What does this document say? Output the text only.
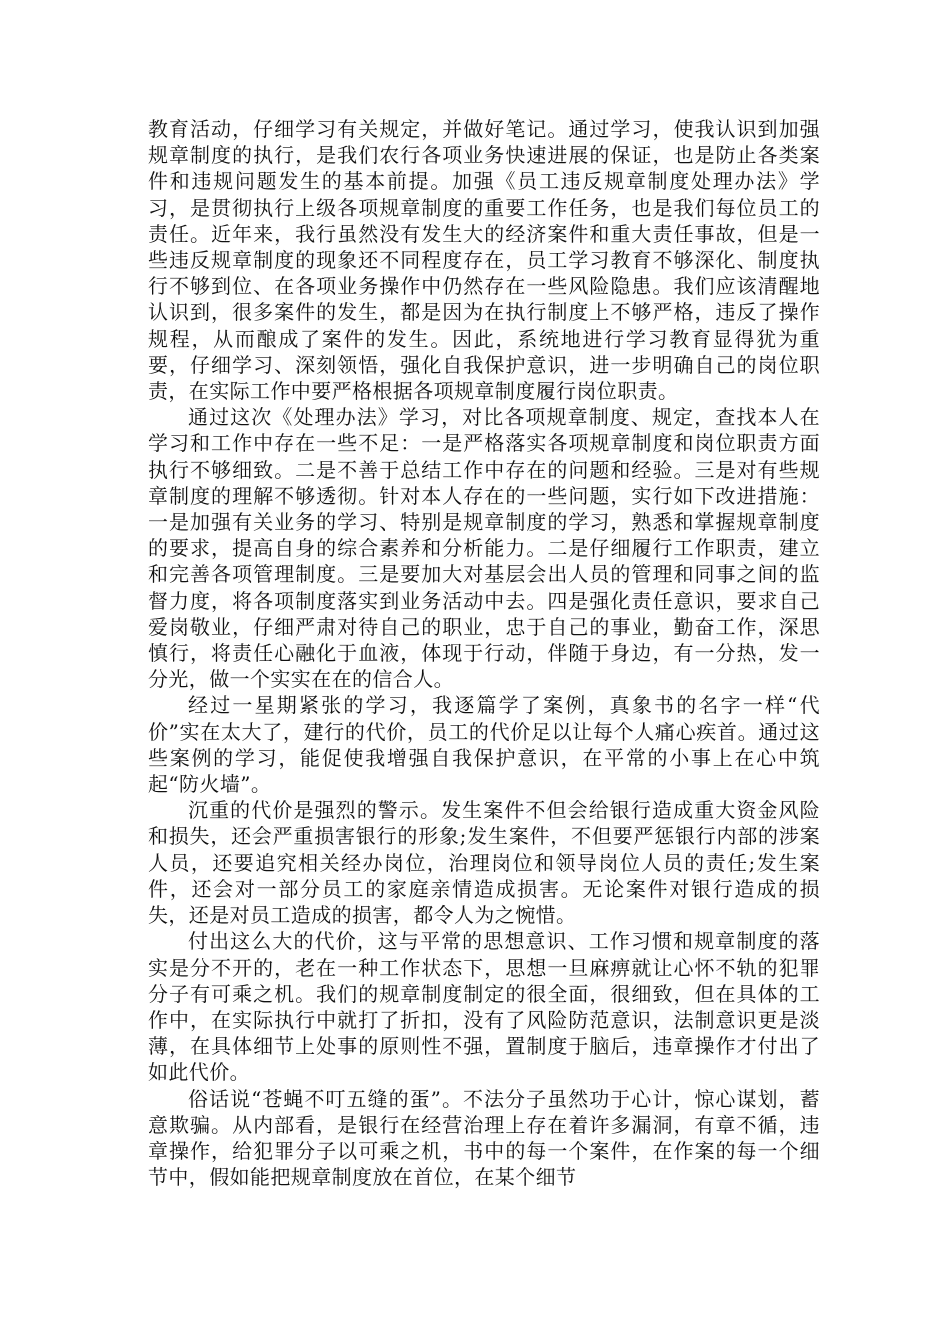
教育活动，仔细学习有关规定，并做好笔记。通过学习，使我认识到加强规章制度的执行，是我们农行各项业务快速进展的保证，也是防止各类案件和违规问题发生的基本前提。加强《员工违反规章制度处理办法》学习，是贯彻执行上级各项规章制度的重要工作任务，也是我们每位员工的责任。近年来，我行虽然没有发生大的经济案件和重大责任事故，但是一些违反规章制度的现象还不同程度存在，员工学习教育不够深化、制度执行不够到位、在各项业务操作中仍然存在一些风险隐患。我们应该清醒地认识到，很多案件的发生，都是因为在执行制度上不够严格，违反了操作规程，从而酿成了案件的发生。因此，系统地进行学习教育显得犹为重要，仔细学习、深刻领悟，强化自我保护意识，进一步明确自己的岗位职责，在实际工作中要严格根据各项规章制度履行岗位职责。

通过这次《处理办法》学习，对比各项规章制度、规定，查找本人在学习和工作中存在一些不足：一是严格落实各项规章制度和岗位职责方面执行不够细致。二是不善于总结工作中存在的问题和经验。三是对有些规章制度的理解不够透彻。针对本人存在的一些问题，实行如下改进措施：一是加强有关业务的学习、特别是规章制度的学习，熟悉和掌握规章制度的要求，提高自身的综合素养和分析能力。二是仔细履行工作职责，建立和完善各项管理制度。三是要加大对基层会出人员的管理和同事之间的监督力度，将各项制度落实到业务活动中去。四是强化责任意识，要求自己爱岗敬业，仔细严肃对待自己的职业，忠于自己的事业，勤奋工作，深思慎行，将责任心融化于血液，体现于行动，伴随于身边，有一分热，发一分光，做一个实实在在的信合人。

经过一星期紧张的学习，我逐篇学了案例，真象书的名字一样“代价”实在太大了，建行的代价，员工的代价足以让每个人痛心疾首。通过这些案例的学习，能促使我增强自我保护意识，在平常的小事上在心中筑起“防火墙”。

沉重的代价是强烈的警示。发生案件不但会给银行造成重大资金风险和损失，还会严重损害银行的形象;发生案件，不但要严惩银行内部的涉案人员，还要追究相关经办岗位，治理岗位和领导岗位人员的责任;发生案件，还会对一部分员工的家庭亲情造成损害。无论案件对银行造成的损失，还是对员工造成的损害，都令人为之惋惜。

付出这么大的代价，这与平常的思想意识、工作习惯和规章制度的落实是分不开的，老在一种工作状态下，思想一旦麻痹就让心怀不轨的犯罪分子有可乘之机。我们的规章制度制定的很全面，很细致，但在具体的工作中，在实际执行中就打了折扣，没有了风险防范意识，法制意识更是淡薄，在具体细节上处事的原则性不强，置制度于脑后，违章操作才付出了如此代价。

俗话说“苍蝇不叮五缝的蛋”。不法分子虽然功于心计，惊心谋划，蓄意欺骗。从内部看，是银行在经营治理上存在着许多漏洞，有章不循，违章操作，给犯罪分子以可乘之机，书中的每一个案件，在作案的每一个细节中，假如能把规章制度放在首位，在某个细节
